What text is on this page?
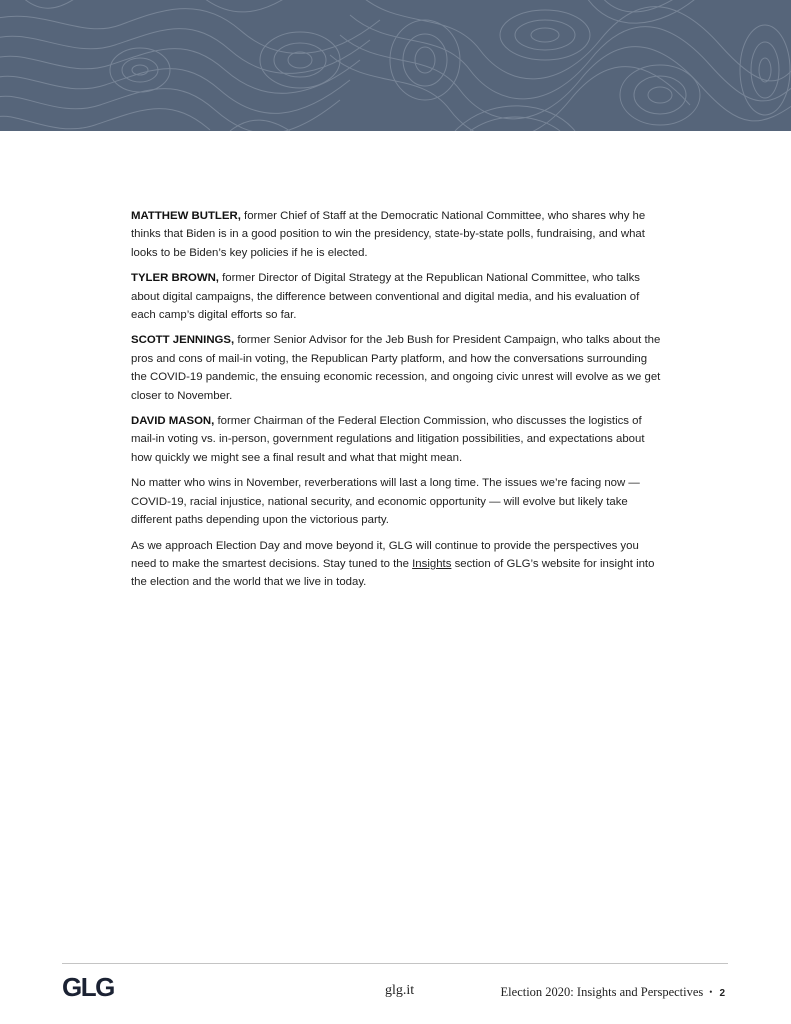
MATTHEW BUTLER, former Chief of Staff at the Democratic National Committee, who shares why he thinks that Biden is in a good position to win the presidency, state-by-state polls, fundraising, and what looks to be Biden’s key policies if he is elected.

TYLER BROWN, former Director of Digital Strategy at the Republican National Committee, who talks about digital campaigns, the difference between conventional and digital media, and his evaluation of each camp’s digital efforts so far.

SCOTT JENNINGS, former Senior Advisor for the Jeb Bush for President Campaign, who talks about the pros and cons of mail-in voting, the Republican Party platform, and how the conversations surrounding the COVID-19 pandemic, the ensuing economic recession, and ongoing civic unrest will evolve as we get closer to November.

DAVID MASON, former Chairman of the Federal Election Commission, who discusses the logistics of mail-in voting vs. in-person, government regulations and litigation possibilities, and expectations about how quickly we might see a final result and what that might mean.

No matter who wins in November, reverberations will last a long time. The issues we’re facing now — COVID-19, racial injustice, national security, and economic opportunity — will evolve but likely take different paths depending upon the victorious party.

As we approach Election Day and move beyond it, GLG will continue to provide the perspectives you need to make the smartest decisions. Stay tuned to the Insights section of GLG’s website for insight into the election and the world that we live in today.

GLG	glg.it	Election 2020: Insights and Perspectives • 2
